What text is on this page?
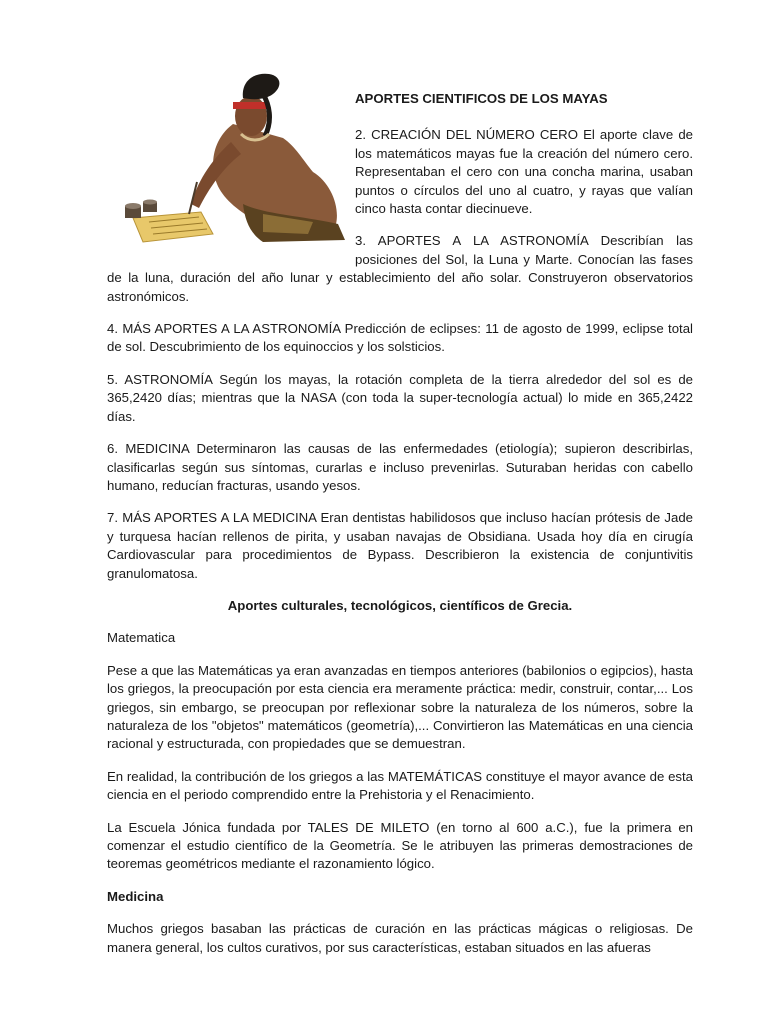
APORTES CIENTIFICOS DE LOS MAYAS

2. CREACIÓN DEL NÚMERO CERO El aporte clave de los matemáticos mayas fue la creación del número cero. Representaban el cero con una concha marina, usaban puntos o círculos del uno al cuatro, y rayas que valían cinco hasta contar diecinueve.

3. APORTES A LA ASTRONOMÍA Describían las posiciones del Sol, la Luna y Marte. Conocían las fases de la luna, duración del año lunar y establecimiento del año solar. Construyeron observatorios astronómicos.

4. MÁS APORTES A LA ASTRONOMÍA Predicción de eclipses: 11 de agosto de 1999, eclipse total de sol. Descubrimiento de los equinoccios y los solsticios.

5. ASTRONOMÍA Según los mayas, la rotación completa de la tierra alrededor del sol es de 365,2420 días; mientras que la NASA (con toda la super-tecnología actual) lo mide en 365,2422 días.

6. MEDICINA Determinaron las causas de las enfermedades (etiología); supieron describirlas, clasificarlas según sus síntomas, curarlas e incluso prevenirlas. Suturaban heridas con cabello humano, reducían fracturas, usando yesos.

7. MÁS APORTES A LA MEDICINA Eran dentistas habilidosos que incluso hacían prótesis de Jade y turquesa hacían rellenos de pirita, y usaban navajas de Obsidiana. Usada hoy día en cirugía Cardiovascular para procedimientos de Bypass. Describieron la existencia de conjuntivitis granulomatosa.

Aportes culturales, tecnológicos, científicos de Grecia.

Matematica

Pese a que las Matemáticas ya eran avanzadas en tiempos anteriores (babilonios o egipcios), hasta los griegos, la preocupación por esta ciencia era meramente práctica: medir, construir, contar,... Los griegos, sin embargo, se preocupan por reflexionar sobre la naturaleza de los números, sobre la naturaleza de los "objetos" matemáticos (geometría),... Convirtieron las Matemáticas en una ciencia racional y estructurada, con propiedades que se demuestran.

En realidad, la contribución de los griegos a las MATEMÁTICAS constituye el mayor avance de esta ciencia en el periodo comprendido entre la Prehistoria y el Renacimiento.

La Escuela Jónica fundada por TALES DE MILETO (en torno al 600 a.C.), fue la primera en comenzar el estudio científico de la Geometría. Se le atribuyen las primeras demostraciones de teoremas geométricos mediante el razonamiento lógico.

Medicina

Muchos griegos basaban las prácticas de curación en las prácticas mágicas o religiosas. De manera general, los cultos curativos, por sus características, estaban situados en las afueras
